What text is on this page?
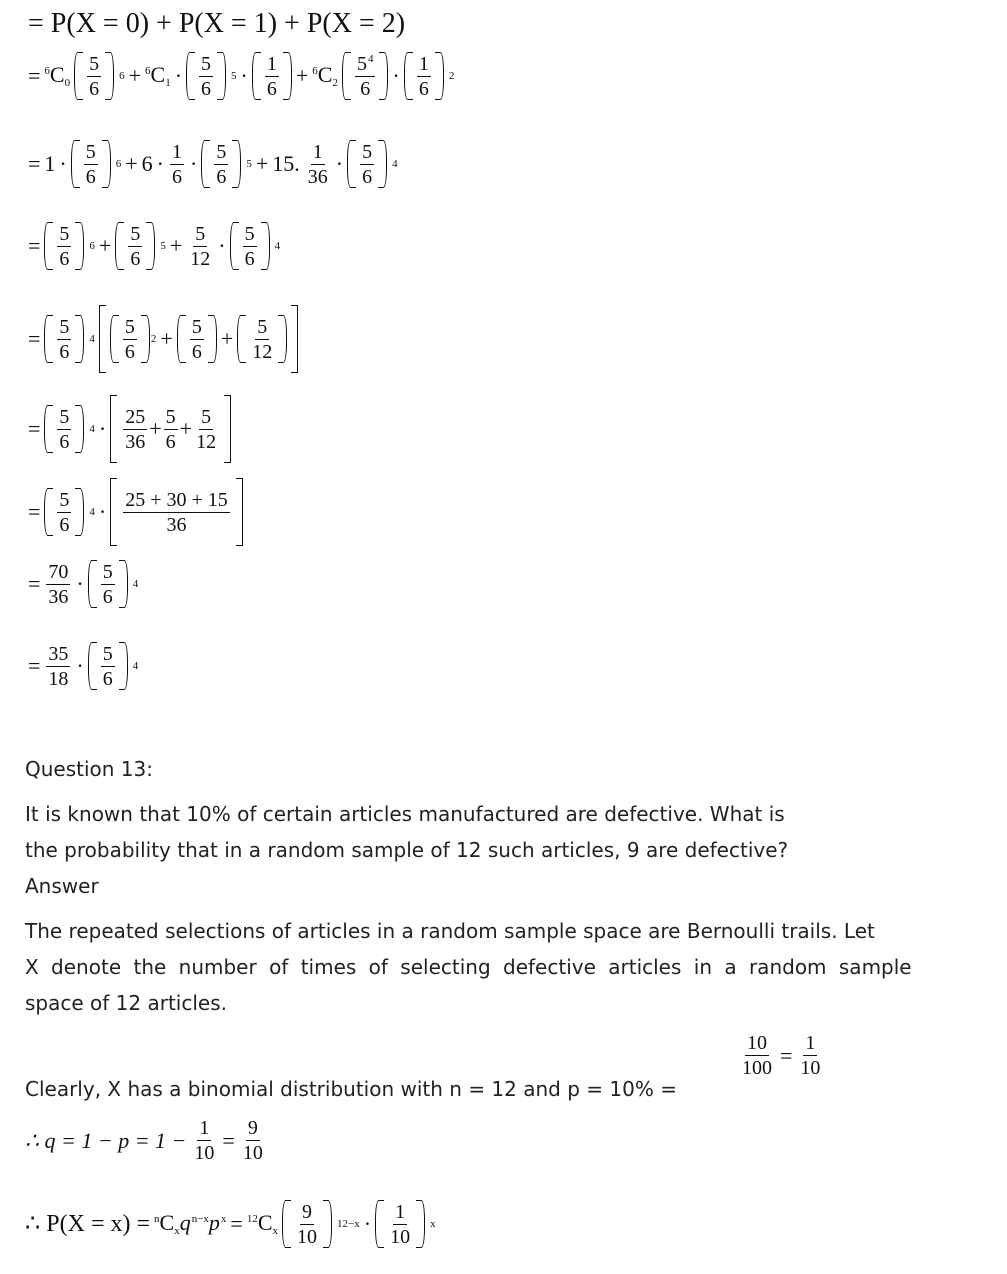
= P(X = 0) + P(X = 1) + P(X = 2)
= $^6C_0 \frac{5}{6} 6 + ^6C_1 \cdot \frac{5}{6} 5 \cdot \frac{1}{6} + ^6C_2 \frac{5^4}{6} \cdot \frac{1}{6} 2$
= $1 \cdot \frac{5}{6} 6 + 6 \cdot \frac{1}{6} \cdot \frac{5}{6} 5 + 15$. $\frac{1}{36} \cdot \frac{5}{6} 4$
= $\frac{5}{6} 6 + \frac{5}{6} 5 + \frac{5}{12} \cdot \frac{5}{6} 4$
= $\frac{5}{6} 4 \frac{5}{6} 2 + \frac{5}{6} + \frac{5}{12}$
= $\frac{5}{6} 4 \cdot \frac{25}{36} + \frac{5}{6} + \frac{5}{12}$
= $\frac{5}{6} 4 \cdot \frac{25 + 30 + 15}{36}$
= $\frac{70}{36} \cdot \frac{5}{6} 4$
= $\frac{35}{18} \cdot \frac{5}{6} 4$
Question 13:
It is known that 10% of certain articles manufactured are defective. What is
the probability that in a random sample of 12 such articles, 9 are defective?
Answer
The repeated selections of articles in a random sample space are Bernoulli trails. Let
X denote the number of times of selecting defective articles in a random sample
space of 12 articles.
Clearly, X has a binomial distribution with n = 12 and p = 10% =
$\frac{10}{100} = \frac{1}{10}$
∴ $q = 1 - p = 1 - \frac{1}{10} = \frac{9}{10}$
∴ $P(X = x) = ^nC_xq^{n-x}p^x = ^{12}C_x \frac{9}{10} 12-x \cdot \frac{1}{10}$ x
